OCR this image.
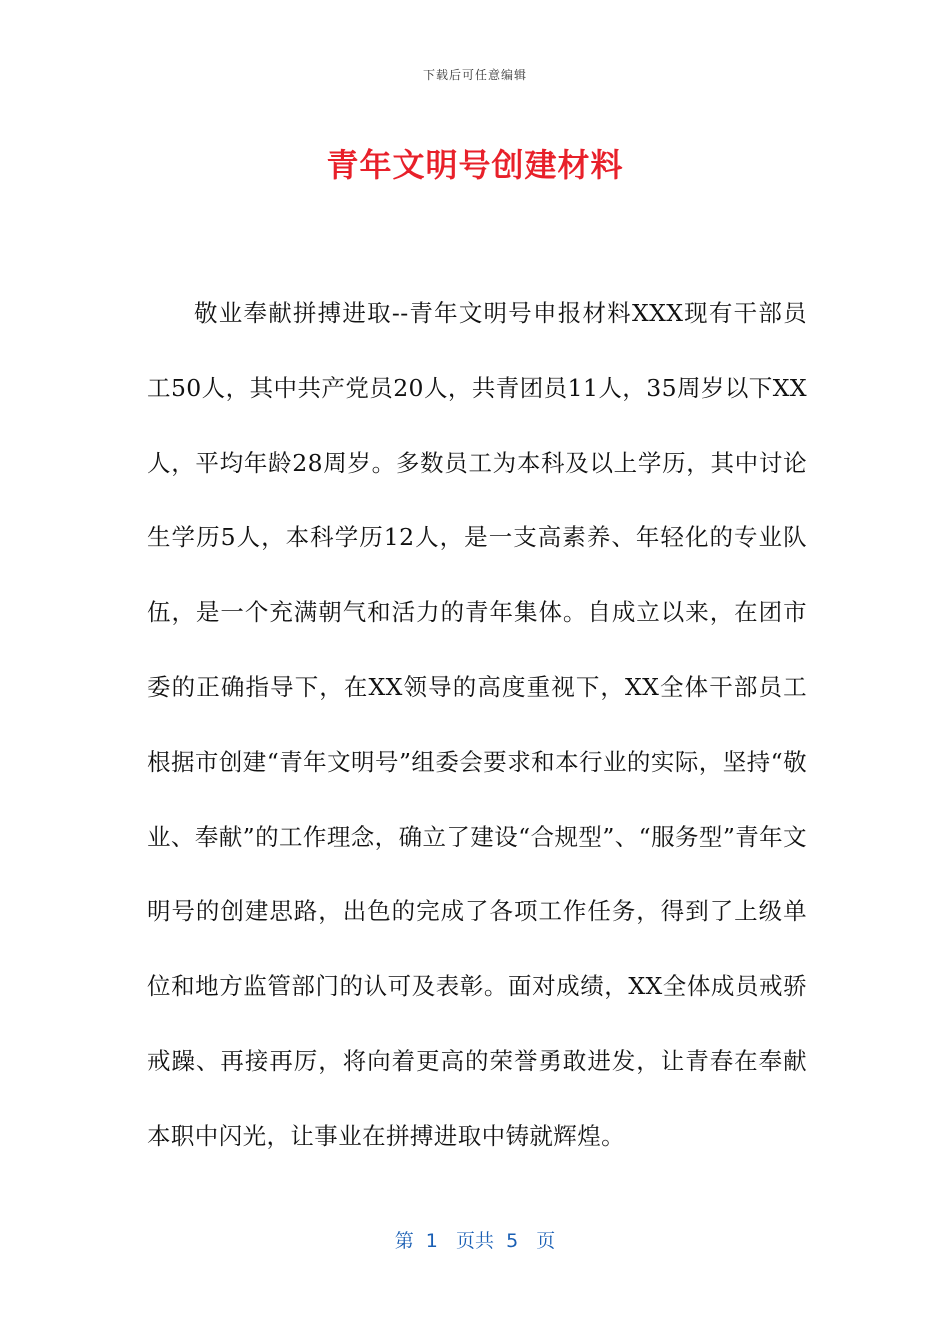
下载后可任意编辑
青年文明号创建材料

敬业奉献拼搏进取--青年文明号申报材料XXX现有干部员工50人，其中共产党员20人，共青团员11人，35周岁以下XX人，平均年龄28周岁。多数员工为本科及以上学历，其中讨论生学历5人，本科学历12人，是一支高素养、年轻化的专业队伍，是一个充满朝气和活力的青年集体。自成立以来，在团市委的正确指导下，在XX领导的高度重视下，XX全体干部员工根据市创建“青年文明号”组委会要求和本行业的实际，坚持“敬业、奉献”的工作理念，确立了建设“合规型”、“服务型”青年文明号的创建思路，出色的完成了各项工作任务，得到了上级单位和地方监管部门的认可及表彰。面对成绩，XX全体成员戒骄戒躁、再接再厉，将向着更高的荣誉勇敢进发，让青春在奉献本职中闪光，让事业在拼搏进取中铸就辉煌。

第  1   页共  5   页
